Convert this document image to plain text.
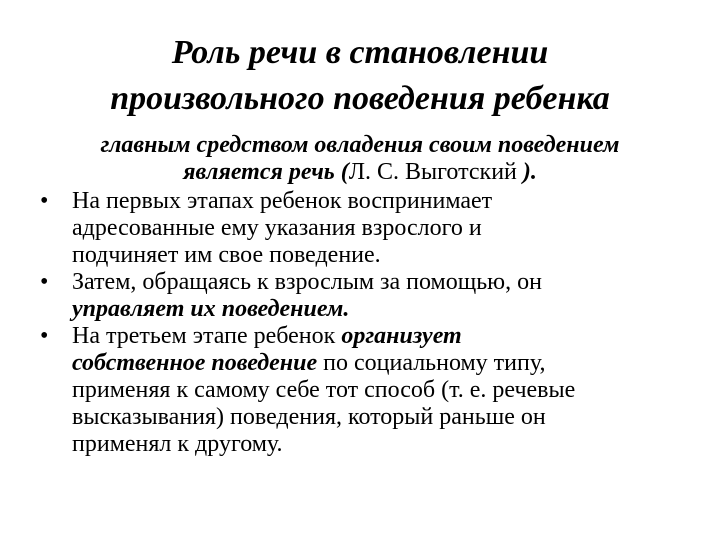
Роль речи в становлении
произвольного поведения ребенка
главным средством овладения своим поведением
является речь (Л. С. Выготский ).
• На первых этапах ребенок воспринимает
адресованные ему указания взрослого и
подчиняет им свое поведение.
• Затем, обращаясь к взрослым за помощью, он
управляет их поведением.
• На третьем этапе ребенок организует
собственное поведение по социальному типу,
применяя к самому себе тот способ (т. е. речевые
высказывания) поведения, который раньше он
применял к другому.
